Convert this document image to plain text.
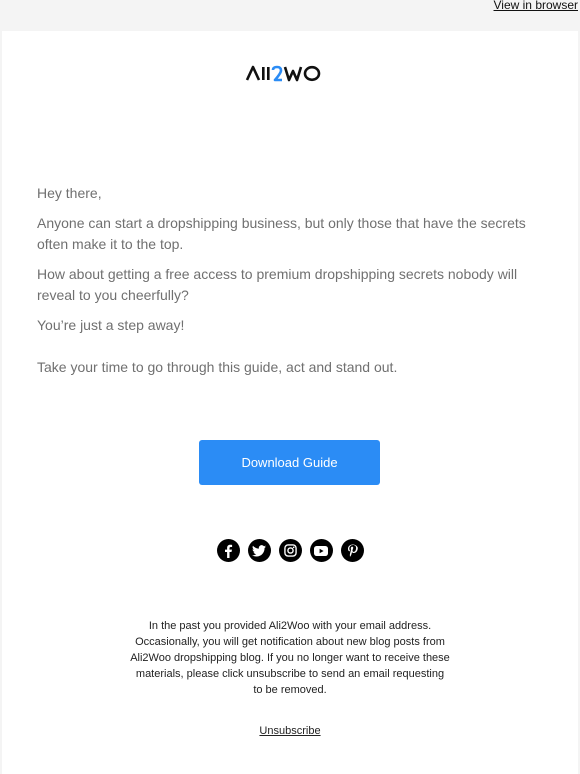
View in browser

Hey there,

Anyone can start a dropshipping business, but only those that have the secrets often make it to the top.

How about getting a free access to premium dropshipping secrets nobody will reveal to you cheerfully?

You’re just a step away!

Take your time to go through this guide, act and stand out.

Download Guide
In the past you provided Ali2Woo with your email address. Occasionally, you will get notification about new blog posts from Ali2Woo dropshipping blog. If you no longer want to receive these materials, please click unsubscribe to send an email requesting to be removed.
Unsubscribe
